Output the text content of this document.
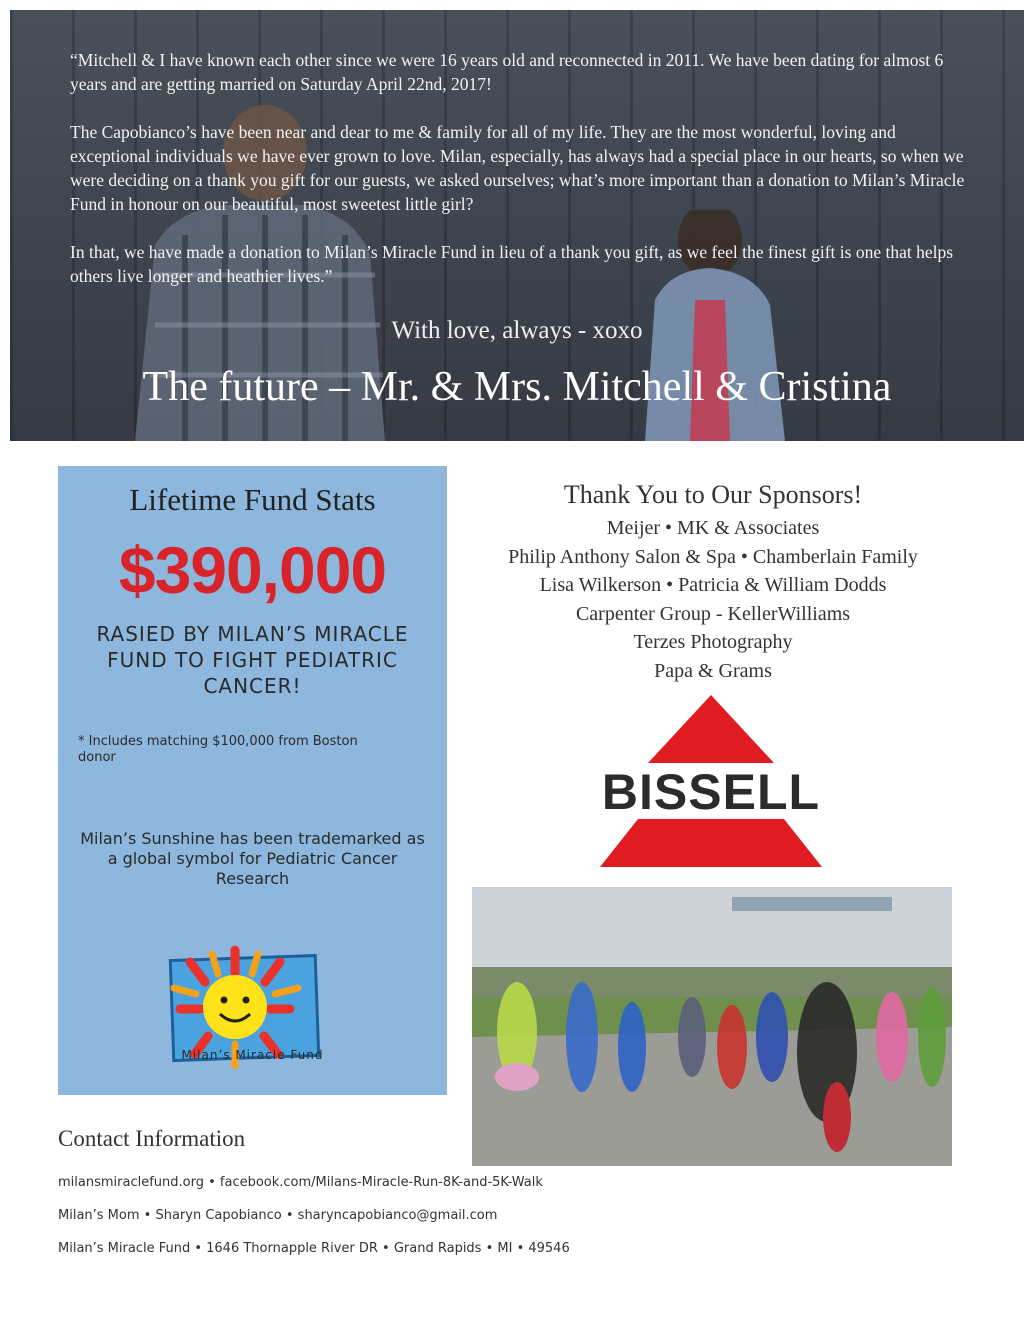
“Mitchell & I have known each other since we were 16 years old and reconnected in 2011. We have been dating for almost 6 years and are getting married on Saturday April 22nd, 2017!

The Capobianco’s have been near and dear to me & family for all of my life. They are the most wonderful, loving and exceptional individuals we have ever grown to love. Milan, especially, has always had a special place in our hearts, so when we were deciding on a thank you gift for our guests, we asked ourselves; what’s more important than a donation to Milan’s Miracle Fund in honour on our beautiful, most sweetest little girl?

In that, we have made a donation to Milan’s Miracle Fund in lieu of a thank you gift, as we feel the finest gift is one that helps others live longer and heathier lives.”

With love, always - xoxo
The future – Mr. & Mrs. Mitchell & Cristina
Lifetime Fund Stats
$390,000
RASIED BY MILAN’S MIRACLE FUND TO FIGHT PEDIATRIC CANCER!
* Includes matching $100,000 from Boston donor
Milan’s Sunshine has been trademarked as a global symbol for Pediatric Cancer Research
Milan’s Miracle Fund
Thank You to Our Sponsors!
Meijer • MK & Associates
Philip Anthony Salon & Spa • Chamberlain Family
Lisa Wilkerson • Patricia & William Dodds
Carpenter Group - KellerWilliams
Terzes Photography
Papa & Grams
BISSELL
Contact Information
milansmiraclefund.org • facebook.com/Milans-Miracle-Run-8K-and-5K-Walk
Milan’s Mom • Sharyn Capobianco • sharyncapobianco@gmail.com
Milan’s Miracle Fund • 1646 Thornapple River DR • Grand Rapids • MI • 49546
